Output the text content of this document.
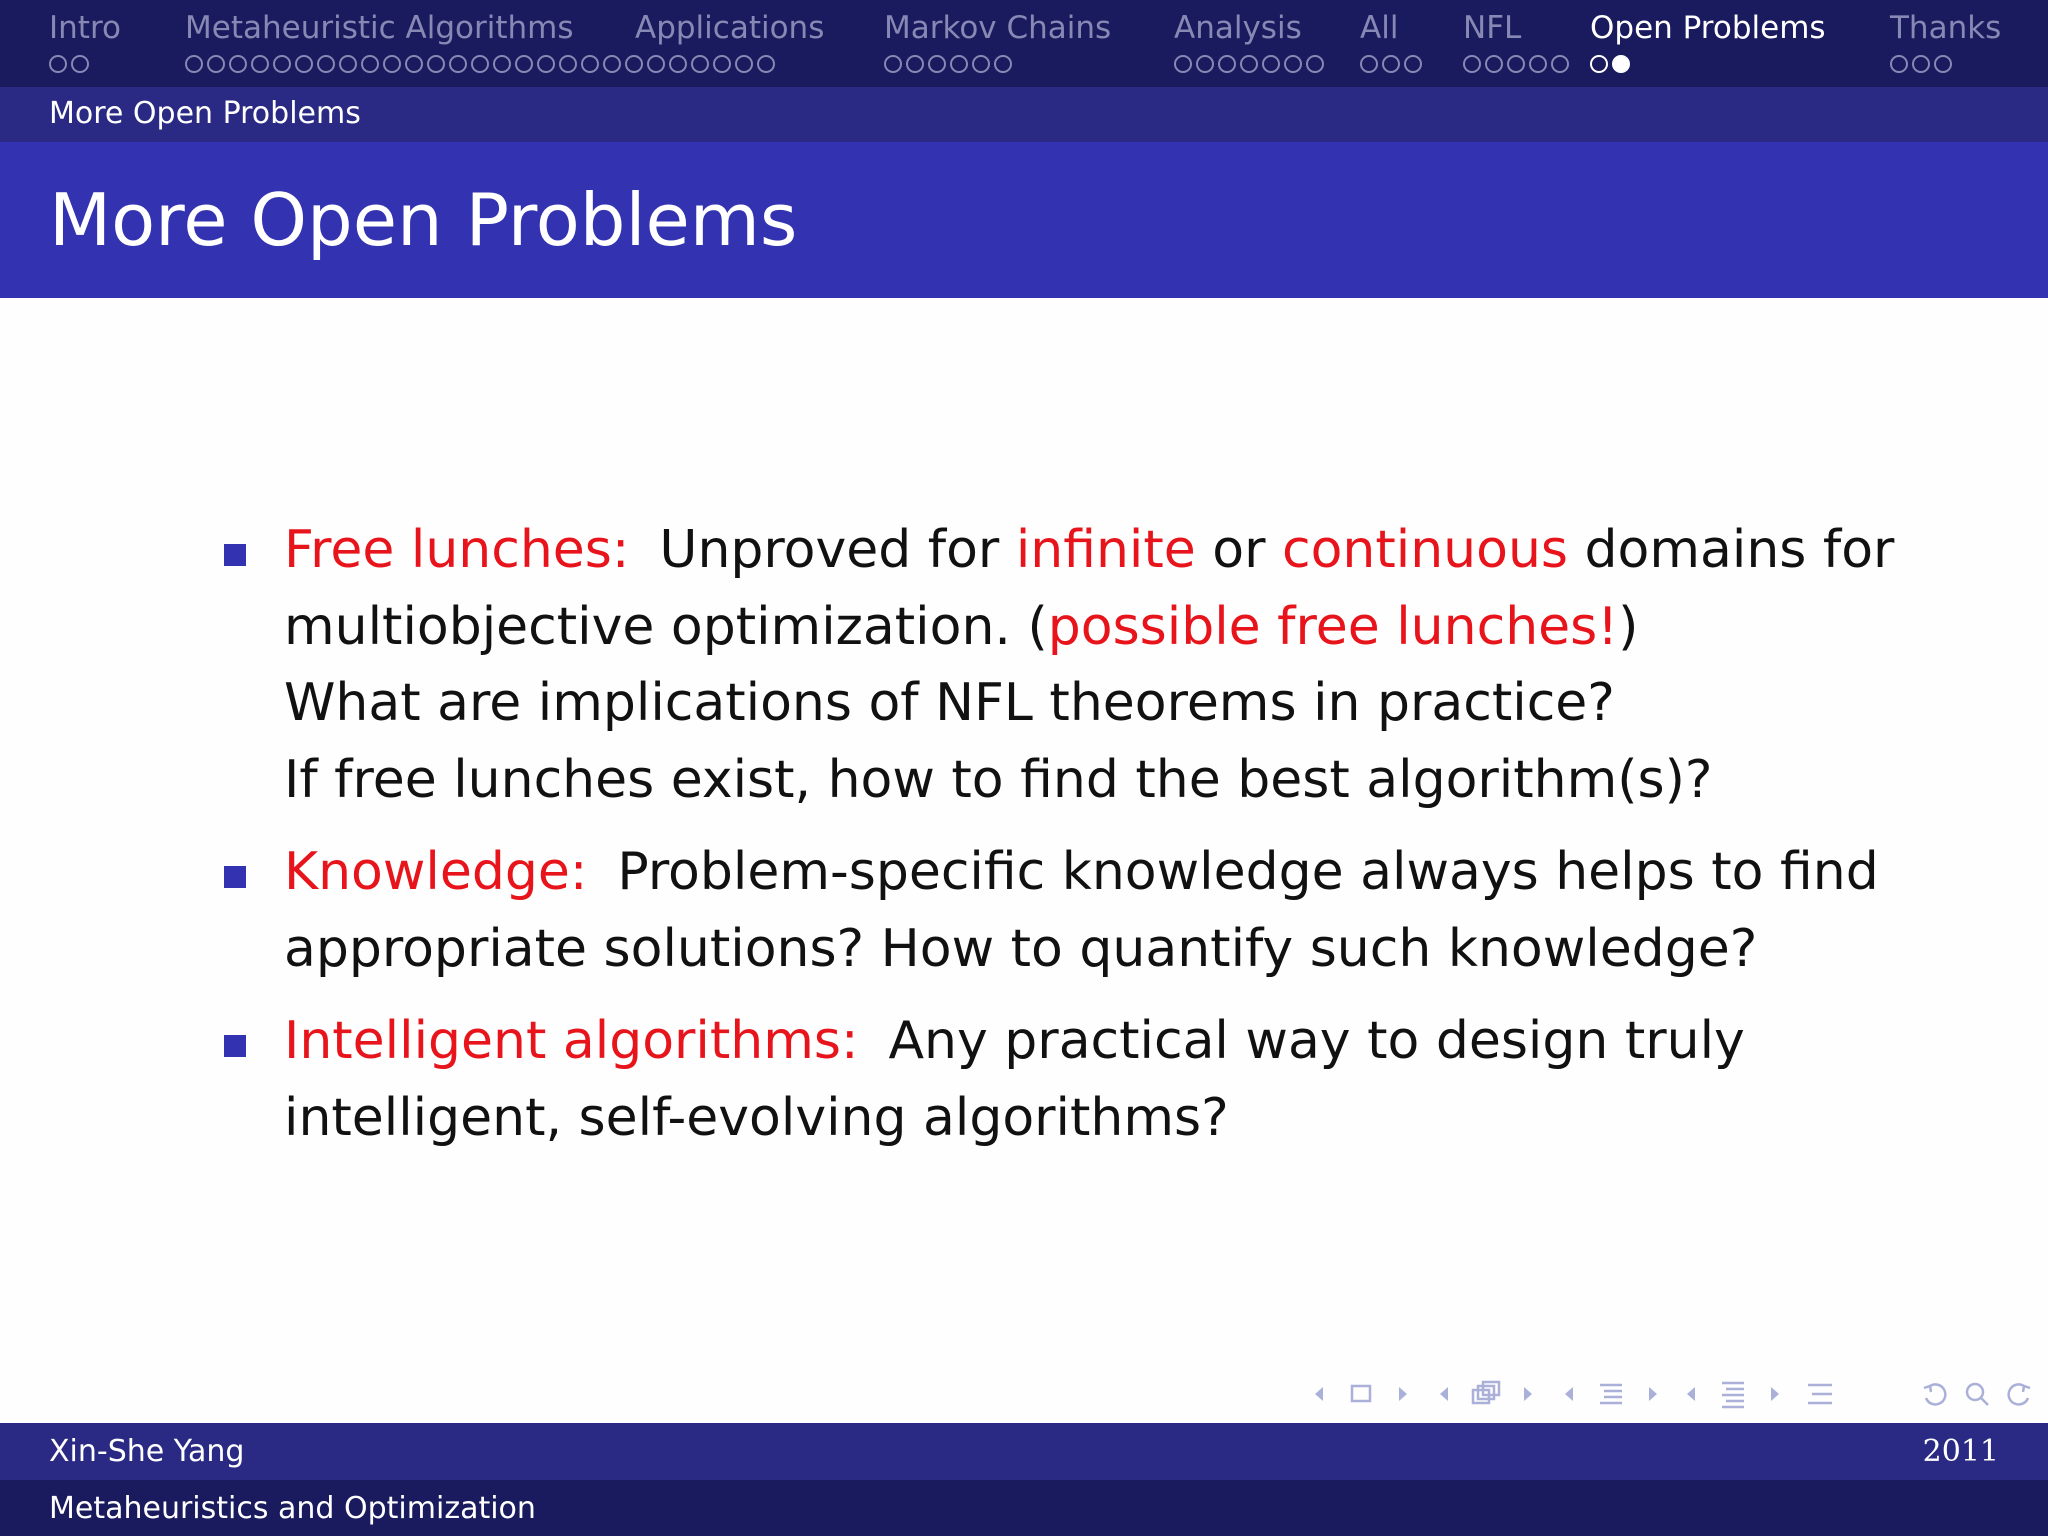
Intro Metaheuristic Algorithms	Applications Markov Chains Analysis	All	NFL	Open Problems Thanks
More Open Problems
More Open Problems
Free lunches: Unproved for infinite or continuous domains for
multiobjective optimization. (possible free lunches!)
What are implications of NFL theorems in practice?
If free lunches exist, how to find the best algorithm(s)?
Knowledge: Problem-specific knowledge always helps to find
appropriate solutions? How to quantify such knowledge?
Intelligent algorithms: Any practical way to design truly
intelligent, self-evolving algorithms?
Xin-She Yang	2011
Metaheuristics and Optimization
